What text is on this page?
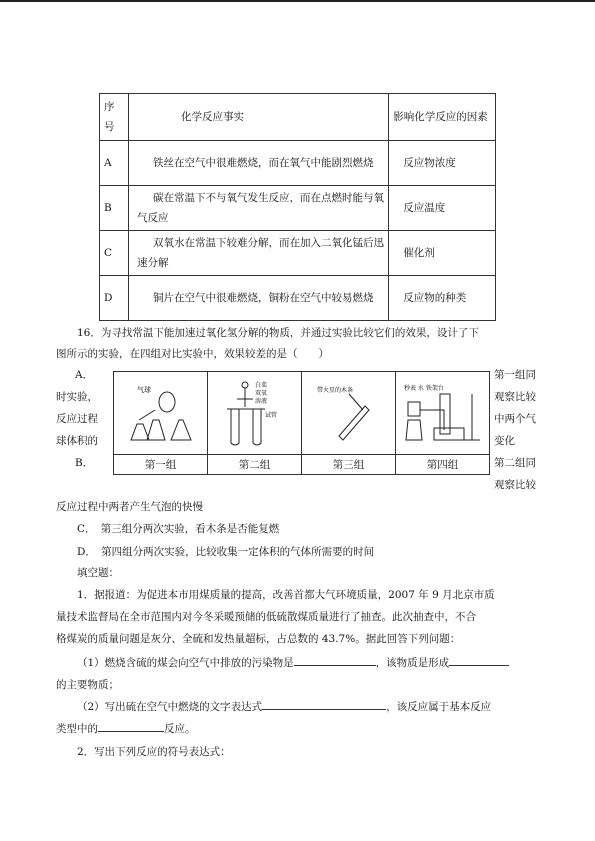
序号	化学反应事实	影响化学反应的因素
A	铁丝在空气中很难燃烧，而在氧气中能剧烈燃烧	反应物浓度
B	碳在常温下不与氧气发生反应，而在点燃时能与氧气反应	反应温度
C	双氧水在常温下较难分解，而在加入二氧化锰后迅速分解	催化剂
D	铜片在空气中很难燃烧，铜粉在空气中较易燃烧	反应物的种类

16．为寻找常温下能加速过氧化氢分解的物质，并通过实验比较它们的效果，设计了下

图所示的实验，在四组对比实验中，效果较差的是（　　）

A．

时实验，

反应过程

球体积的

B．

第一组同

观察比较

中两个气

变化

第二组同

观察比较

气球	白菜
双氧
溶液
试管	带火星的木条	秒表 水 铁架台

第一组	第二组	第三组	第四组

反应过程中两者产生气泡的快慢

C．　第三组分两次实验，看木条是否能复燃

D．　第四组分两次实验，比较收集一定体积的气体所需要的时间

填空题：

1．据报道：为促进本市用煤质量的提高，改善首都大气环境质量，2007 年 9 月北京市质

量技术监督局在全市范围内对今冬采暖预储的低硫散煤质量进行了抽查。此次抽查中，不合

格煤炭的质量问题是灰分、全硫和发热量超标，占总数的 43.7%。据此回答下列问题：

（1）燃烧含硫的煤会向空气中排放的污染物是	，该物质是形成

的主要物质；

（2）写出硫在空气中燃烧的文字表达式	，该反应属于基本反应

类型中的	反应。

2．写出下列反应的符号表达式：
